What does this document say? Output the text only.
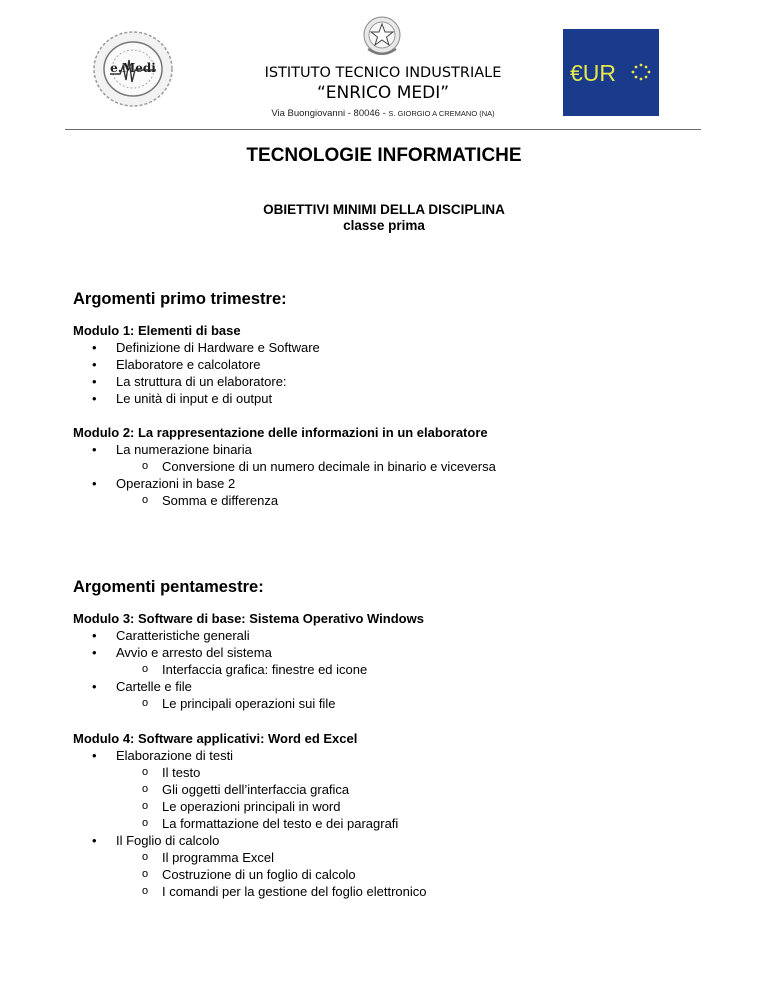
e.Medi	€UR
ISTITUTO TECNICO INDUSTRIALE
“ENRICO MEDI”
Via Buongiovanni - 80046 - S. GIORGIO A CREMANO (NA)
TECNOLOGIE INFORMATICHE
OBIETTIVI MINIMI DELLA DISCIPLINA
classe prima
Argomenti primo trimestre:
Modulo 1: Elementi di base
• Definizione di Hardware e Software
• Elaboratore e calcolatore
• La struttura di un elaboratore:
• Le unità di input e di output
Modulo 2: La rappresentazione delle informazioni in un elaboratore
• La numerazione binaria
o Conversione di un numero decimale in binario e viceversa
• Operazioni in base 2
o Somma e differenza
Argomenti pentamestre:
Modulo 3: Software di base: Sistema Operativo Windows
• Caratteristiche generali
• Avvio e arresto del sistema
o Interfaccia grafica: finestre ed icone
• Cartelle e file
o Le principali operazioni sui file
Modulo 4: Software applicativi: Word ed Excel
• Elaborazione di testi
o Il testo
o Gli oggetti dell’interfaccia grafica
o Le operazioni principali in word
o La formattazione del testo e dei paragrafi
• Il Foglio di calcolo
o Il programma Excel
o Costruzione di un foglio di calcolo
o I comandi per la gestione del foglio elettronico
